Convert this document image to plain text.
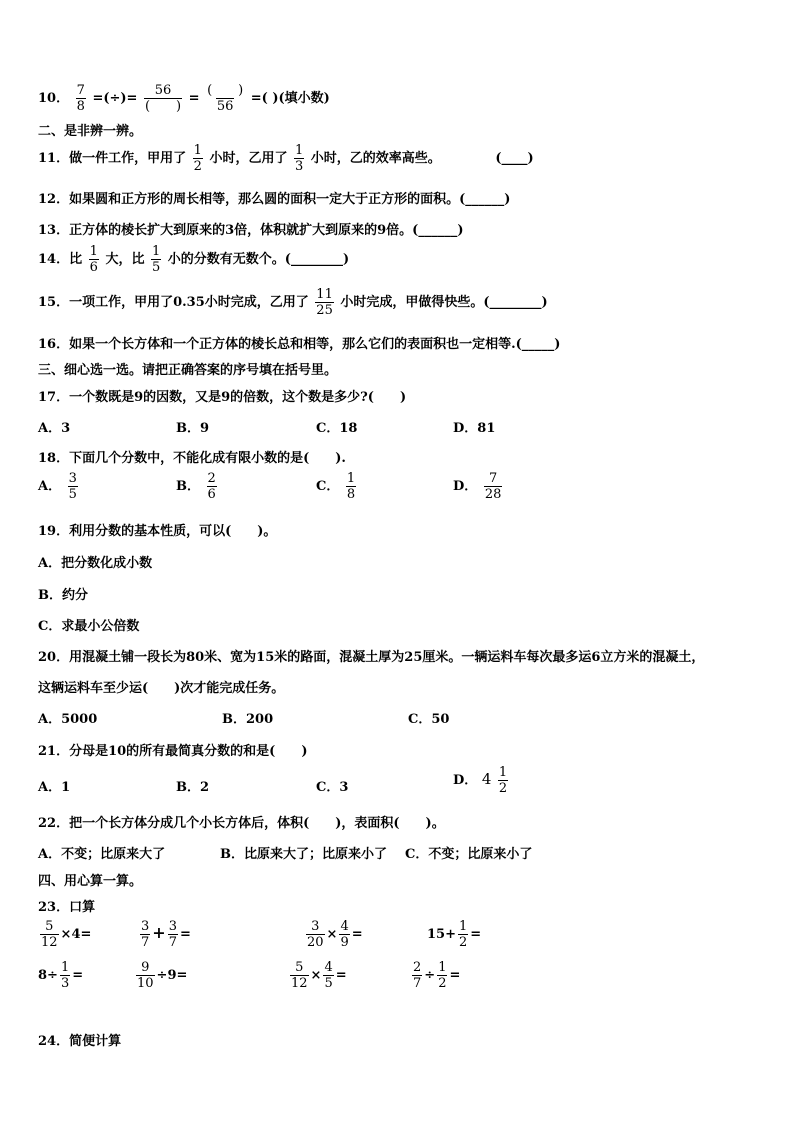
10． $\frac{7}{8}$ =(÷)= $\frac{56}{( )} = \frac{( )}{56}$ =( )(填小数)
二、是非辨一辨。
11．做一件工作，甲用了 $\frac{1}{2}$ 小时，乙用了 $\frac{1}{3}$ 小时，乙的效率高些。	(____)
12．如果圆和正方形的周长相等，那么圆的面积一定大于正方形的面积。(______)
13．正方体的棱长扩大到原来的3倍，体积就扩大到原来的9倍。(______)
14．比 $\frac{1}{6}$ 大，比 $\frac{1}{5}$ 小的分数有无数个。(________)
15．一项工作，甲用了0.35小时完成，乙用了 $\frac{11}{25}$ 小时完成，甲做得快些。(________)
16．如果一个长方体和一个正方体的棱长总和相等，那么它们的表面积也一定相等.(_____)
三、细心选一选。请把正确答案的序号填在括号里。
17．一个数既是9的因数，又是9的倍数，这个数是多少?(　　)
A．3	B．9	C．18	D．81
18．下面几个分数中，不能化成有限小数的是(　　).
A． $\frac{3}{5}$	B． $\frac{2}{6}$	C． $\frac{1}{8}$	D． $\frac{7}{28}$
19．利用分数的基本性质，可以(　　)。
A．把分数化成小数
B．约分
C．求最小公倍数
20．用混凝土铺一段长为80米、宽为15米的路面，混凝土厚为25厘米。一辆运料车每次最多运6立方米的混凝土，
这辆运料车至少运(　　)次才能完成任务。
A．5000	B．200	C．50
21．分母是10的所有最简真分数的和是(　　)
A．1	B．2	C．3	D． $4 \frac{1}{2}$
22．把一个长方体分成几个小长方体后，体积(　　)，表面积(　　)。
A．不变；比原来大了	B．比原来大了；比原来小了 C．不变；比原来小了
四、用心算一算。
23．口算
$\frac{5}{12} \times 4=$	$\frac{3}{7} + \frac{3}{7}$ =	$\frac{3}{20} \times \frac{4}{9}$ =	$15+ \frac{1}{2}$ =
$8\div \frac{1}{3}$ =	$\frac{9}{10} \div 9=$	$\frac{5}{12} \times \frac{4}{5}$ =	$\frac{2}{7} \div \frac{1}{2}$ =
24．简便计算
